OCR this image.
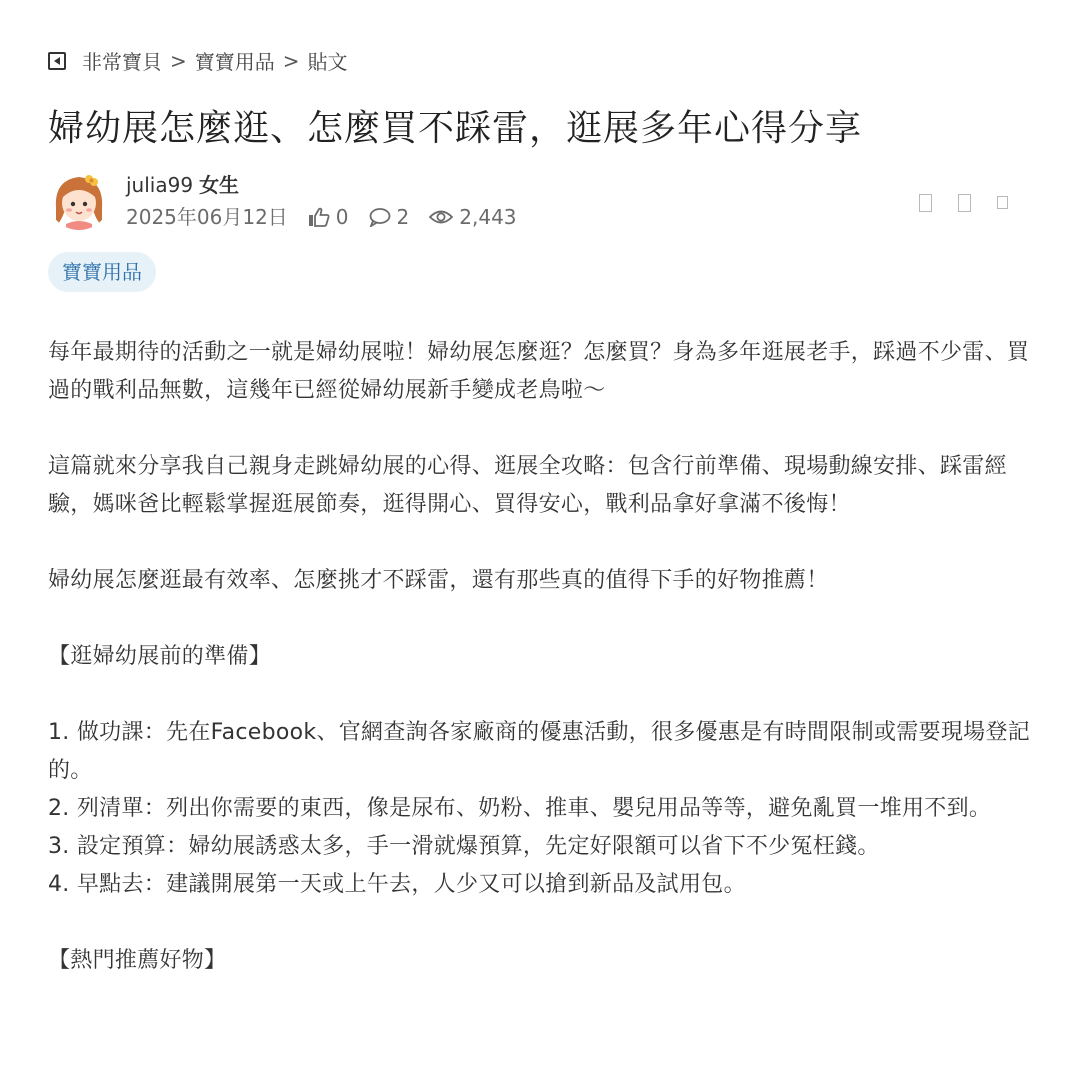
非常寶貝 > 寶寶用品 > 貼文
婦幼展怎麼逛、怎麼買不踩雷，逛展多年心得分享
julia99 女生
2025年06月12日 0 2	2,443
寶寶用品

每年最期待的活動之一就是婦幼展啦！婦幼展怎麼逛？怎麼買？身為多年逛展老手，踩過不少雷、買過的戰利品無數，這幾年已經從婦幼展新手變成老鳥啦～

這篇就來分享我自己親身走跳婦幼展的心得、逛展全攻略：包含行前準備、現場動線安排、踩雷經驗，媽咪爸比輕鬆掌握逛展節奏，逛得開心、買得安心，戰利品拿好拿滿不後悔！

婦幼展怎麼逛最有效率、怎麼挑才不踩雷，還有那些真的值得下手的好物推薦！

【逛婦幼展前的準備】

1. 做功課：先在Facebook、官網查詢各家廠商的優惠活動，很多優惠是有時間限制或需要現場登記的。
2. 列清單：列出你需要的東西，像是尿布、奶粉、推車、嬰兒用品等等，避免亂買一堆用不到。
3. 設定預算：婦幼展誘惑太多，手一滑就爆預算，先定好限額可以省下不少冤枉錢。
4. 早點去：建議開展第一天或上午去，人少又可以搶到新品及試用包。

【熱門推薦好物】
